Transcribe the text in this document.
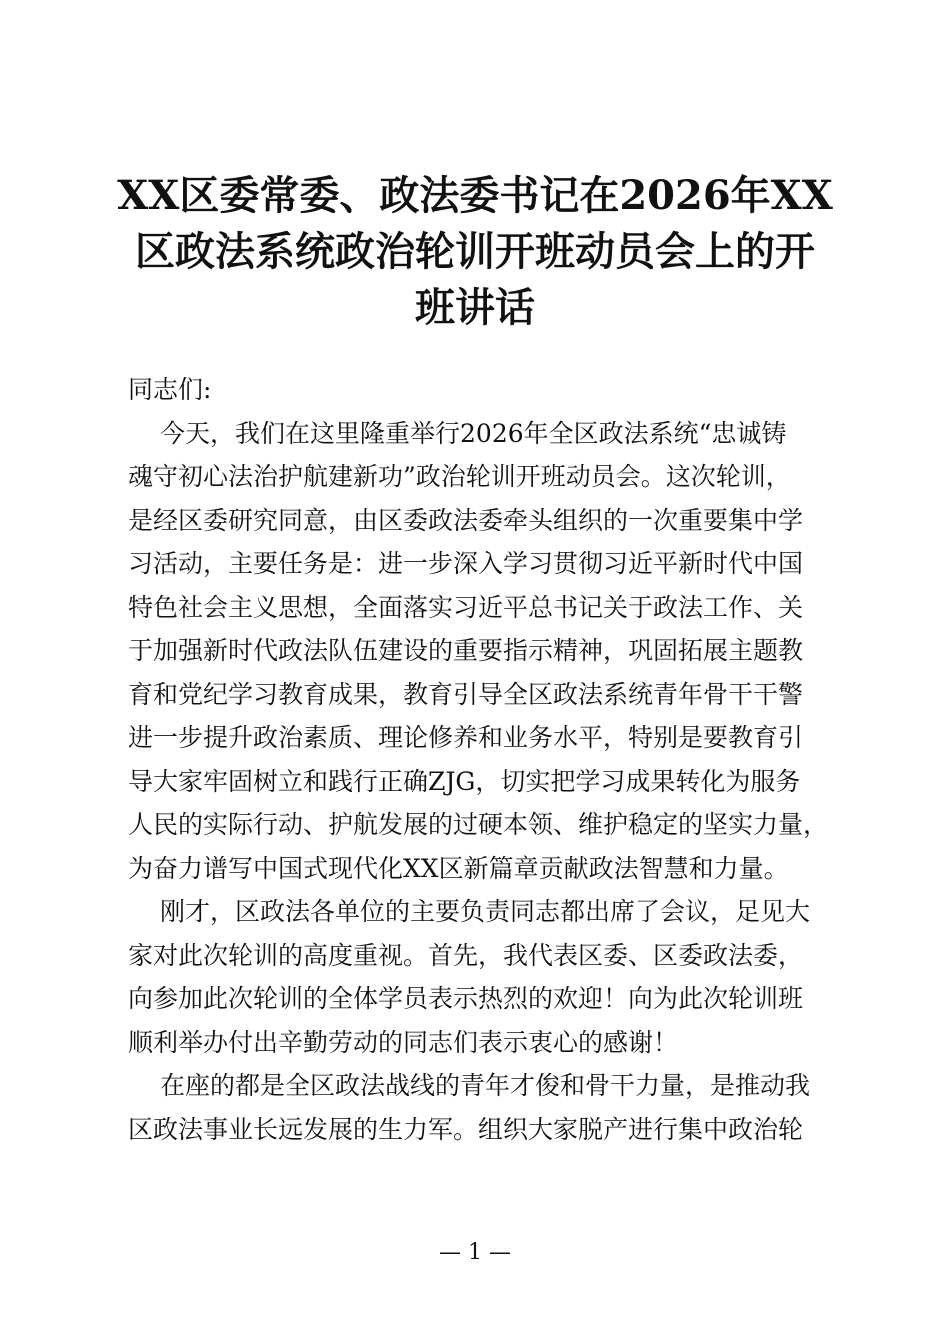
XX区委常委、政法委书记在2026年XX
区政法系统政治轮训开班动员会上的开
班讲话

同志们:

今天，我们在这里隆重举行2026年全区政法系统“忠诚铸
魂守初心法治护航建新功”政治轮训开班动员会。这次轮训，
是经区委研究同意，由区委政法委牵头组织的一次重要集中学
习活动，主要任务是：进一步深入学习贯彻习近平新时代中国
特色社会主义思想，全面落实习近平总书记关于政法工作、关
于加强新时代政法队伍建设的重要指示精神，巩固拓展主题教
育和党纪学习教育成果，教育引导全区政法系统青年骨干干警
进一步提升政治素质、理论修养和业务水平，特别是要教育引
导大家牢固树立和践行正确ZJG，切实把学习成果转化为服务
人民的实际行动、护航发展的过硬本领、维护稳定的坚实力量，
为奋力谱写中国式现代化XX区新篇章贡献政法智慧和力量。

刚才，区政法各单位的主要负责同志都出席了会议，足见大
家对此次轮训的高度重视。首先，我代表区委、区委政法委，
向参加此次轮训的全体学员表示热烈的欢迎！向为此次轮训班
顺利举办付出辛勤劳动的同志们表示衷心的感谢！

在座的都是全区政法战线的青年才俊和骨干力量，是推动我
区政法事业长远发展的生力军。组织大家脱产进行集中政治轮

— 1 —
